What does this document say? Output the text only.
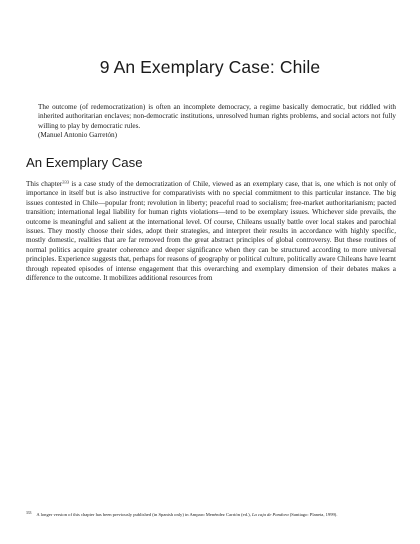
9 An Exemplary Case: Chile

The outcome (of redemocratization) is often an incomplete democracy, a regime basically democratic, but riddled with inherited authoritarian enclaves; non-democratic institutions, unresolved human rights problems, and social actors not fully willing to play by democratic rules.

(Manuel Antonio Garretón)

An Exemplary Case

This chapter$^{333}$ is a case study of the democratization of Chile, viewed as an exemplary case, that is, one which is not only of importance in itself but is also instructive for comparativists with no special commitment to this particular instance. The big issues contested in Chile—popular front; revolution in liberty; peaceful road to socialism; free-market authoritarianism; pacted transition; international legal liability for human rights violations—tend to be exemplary issues. Whichever side prevails, the outcome is meaningful and salient at the international level. Of course, Chileans usually battle over local stakes and parochial issues. They mostly choose their sides, adopt their strategies, and interpret their results in accordance with highly specific, mostly domestic, realities that are far removed from the great abstract principles of global controversy. But these routines of normal politics acquire greater coherence and deeper significance when they can be structured according to more universal principles. Experience suggests that, perhaps for reasons of geography or political culture, politically aware Chileans have learnt through repeated episodes of intense engagement that this overarching and exemplary dimension of their debates makes a difference to the outcome. It mobilizes additional resources from

$^{333}$ A longer version of this chapter has been previously published (in Spanish only) in Amparo Menéndez Carrión (ed.), La caja de Pandora (Santiago: Planeta, 1999).
